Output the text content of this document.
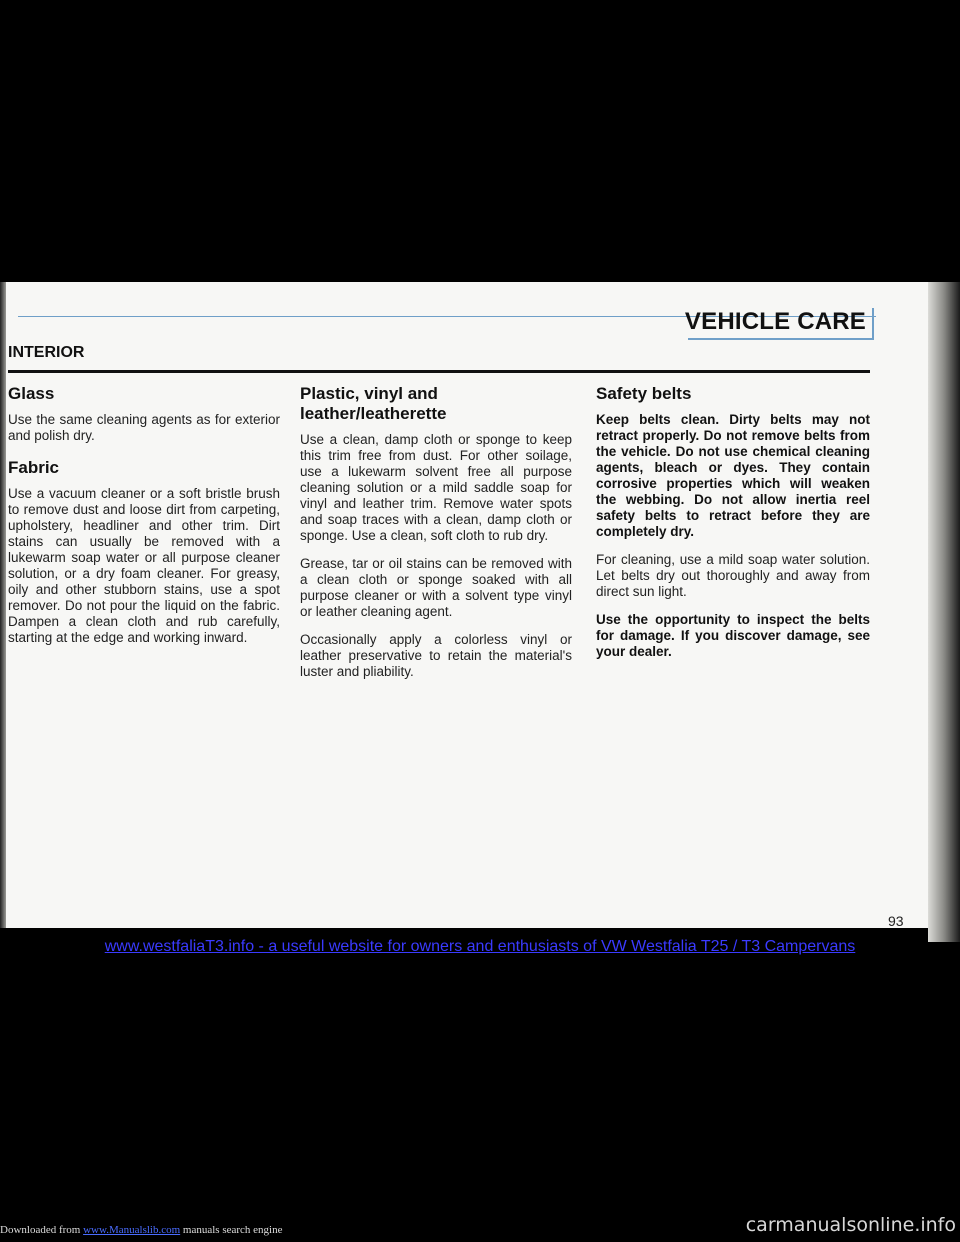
VEHICLE CARE
INTERIOR
Glass

Use the same cleaning agents as for exterior and polish dry.

Fabric

Use a vacuum cleaner or a soft bristle brush to remove dust and loose dirt from carpeting, upholstery, headliner and other trim. Dirt stains can usually be removed with a lukewarm soap water or all purpose cleaner solution, or a dry foam cleaner. For greasy, oily and other stubborn stains, use a spot remover. Do not pour the liquid on the fabric. Dampen a clean cloth and rub carefully, starting at the edge and working inward.

Plastic, vinyl and leather/leatherette

Use a clean, damp cloth or sponge to keep this trim free from dust. For other soilage, use a lukewarm solvent free all purpose cleaning solution or a mild saddle soap for vinyl and leather trim. Remove water spots and soap traces with a clean, damp cloth or sponge. Use a clean, soft cloth to rub dry.

Grease, tar or oil stains can be removed with a clean cloth or sponge soaked with all purpose cleaner or with a solvent type vinyl or leather cleaning agent.

Occasionally apply a colorless vinyl or leather preservative to retain the material's luster and pliability.

Safety belts

Keep belts clean. Dirty belts may not retract properly. Do not remove belts from the vehicle. Do not use chemical cleaning agents, bleach or dyes. They contain corrosive properties which will weaken the webbing. Do not allow inertia reel safety belts to retract before they are completely dry.

For cleaning, use a mild soap water solution. Let belts dry out thoroughly and away from direct sun light.

Use the opportunity to inspect the belts for damage. If you discover damage, see your dealer.

93
www.westfaliaT3.info - a useful website for owners and enthusiasts of VW Westfalia T25 / T3 Campervans
Downloaded from www.Manualslib.com manuals search engine	carmanualsonline.info
